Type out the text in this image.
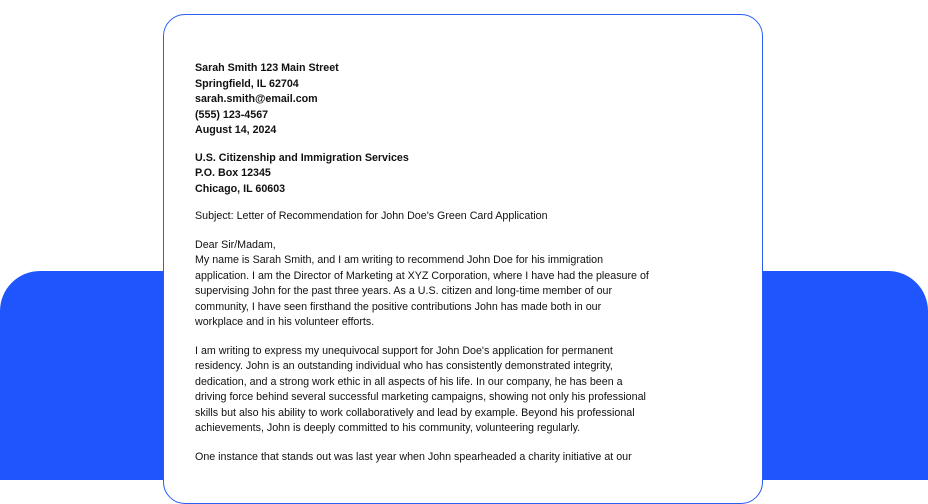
Sarah Smith 123 Main Street
Springfield, IL 62704
sarah.smith@email.com
(555) 123-4567
August 14, 2024
U.S. Citizenship and Immigration Services
P.O. Box 12345
Chicago, IL 60603
Subject: Letter of Recommendation for John Doe's Green Card Application
Dear Sir/Madam,
My name is Sarah Smith, and I am writing to recommend John Doe for his immigration
application. I am the Director of Marketing at XYZ Corporation, where I have had the pleasure of
supervising John for the past three years. As a U.S. citizen and long-time member of our
community, I have seen firsthand the positive contributions John has made both in our
workplace and in his volunteer efforts.
I am writing to express my unequivocal support for John Doe's application for permanent
residency. John is an outstanding individual who has consistently demonstrated integrity,
dedication, and a strong work ethic in all aspects of his life. In our company, he has been a
driving force behind several successful marketing campaigns, showing not only his professional
skills but also his ability to work collaboratively and lead by example. Beyond his professional
achievements, John is deeply committed to his community, volunteering regularly.
One instance that stands out was last year when John spearheaded a charity initiative at our
